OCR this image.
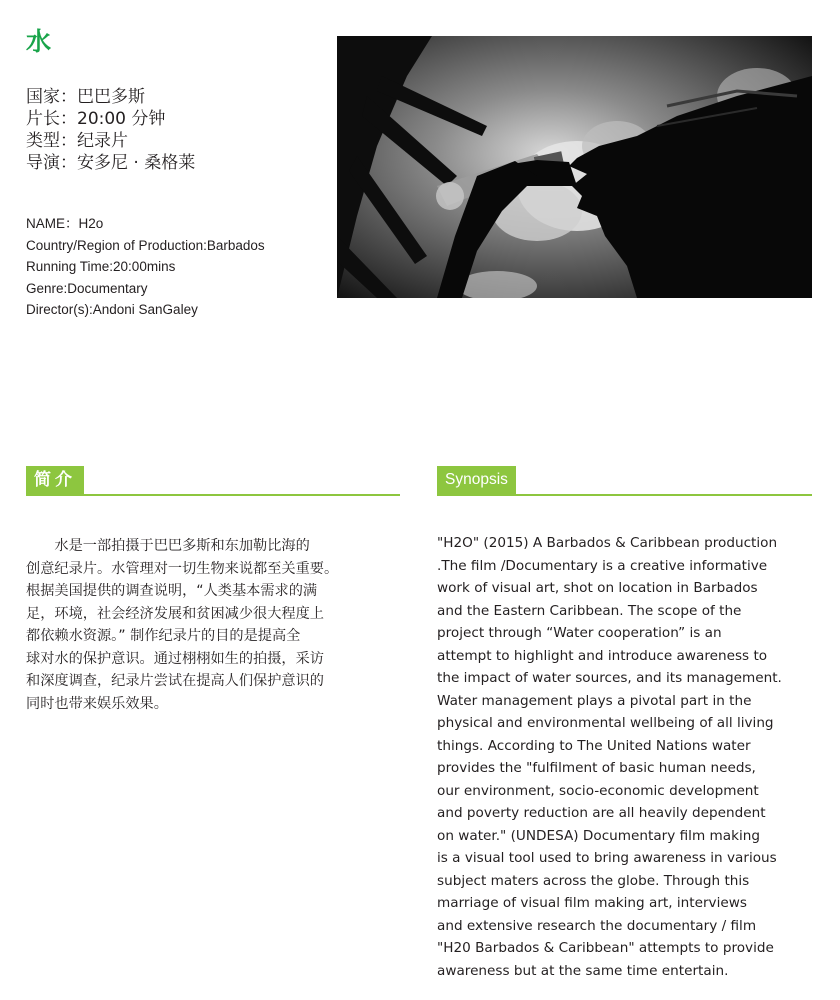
水
国家：巴巴多斯
片长：20:00 分钟
类型：纪录片
导演：安多尼 · 桑格莱
NAME：H2o
Country/Region of Production:Barbados
Running Time:20:00mins
Genre:Documentary
Director(s):Andoni SanGaley
简介	Synopsis
　　水是一部拍摄于巴巴多斯和东加勒比海的
创意纪录片。水管理对一切生物来说都至关重要。
根据美国提供的调查说明，“人类基本需求的满
足，环境，社会经济发展和贫困减少很大程度上
都依赖水资源。” 制作纪录片的目的是提高全
球对水的保护意识。通过栩栩如生的拍摄，采访
和深度调查，纪录片尝试在提高人们保护意识的
同时也带来娱乐效果。
"H2O" (2015) A Barbados & Caribbean production
.The film /Documentary is a creative informative
work of visual art, shot on location in Barbados
and the Eastern Caribbean. The scope of the
project through “Water cooperation” is an
attempt to highlight and introduce awareness to
the impact of water sources, and its management.
Water management plays a pivotal part in the
physical and environmental wellbeing of all living
things. According to The United Nations water
provides the "fulfilment of basic human needs,
our environment, socio-economic development
and poverty reduction are all heavily dependent
on water." (UNDESA) Documentary film making
is a visual tool used to bring awareness in various
subject maters across the globe. Through this
marriage of visual film making art, interviews
and extensive research the documentary / film
"H20 Barbados & Caribbean" attempts to provide
awareness but at the same time entertain.
